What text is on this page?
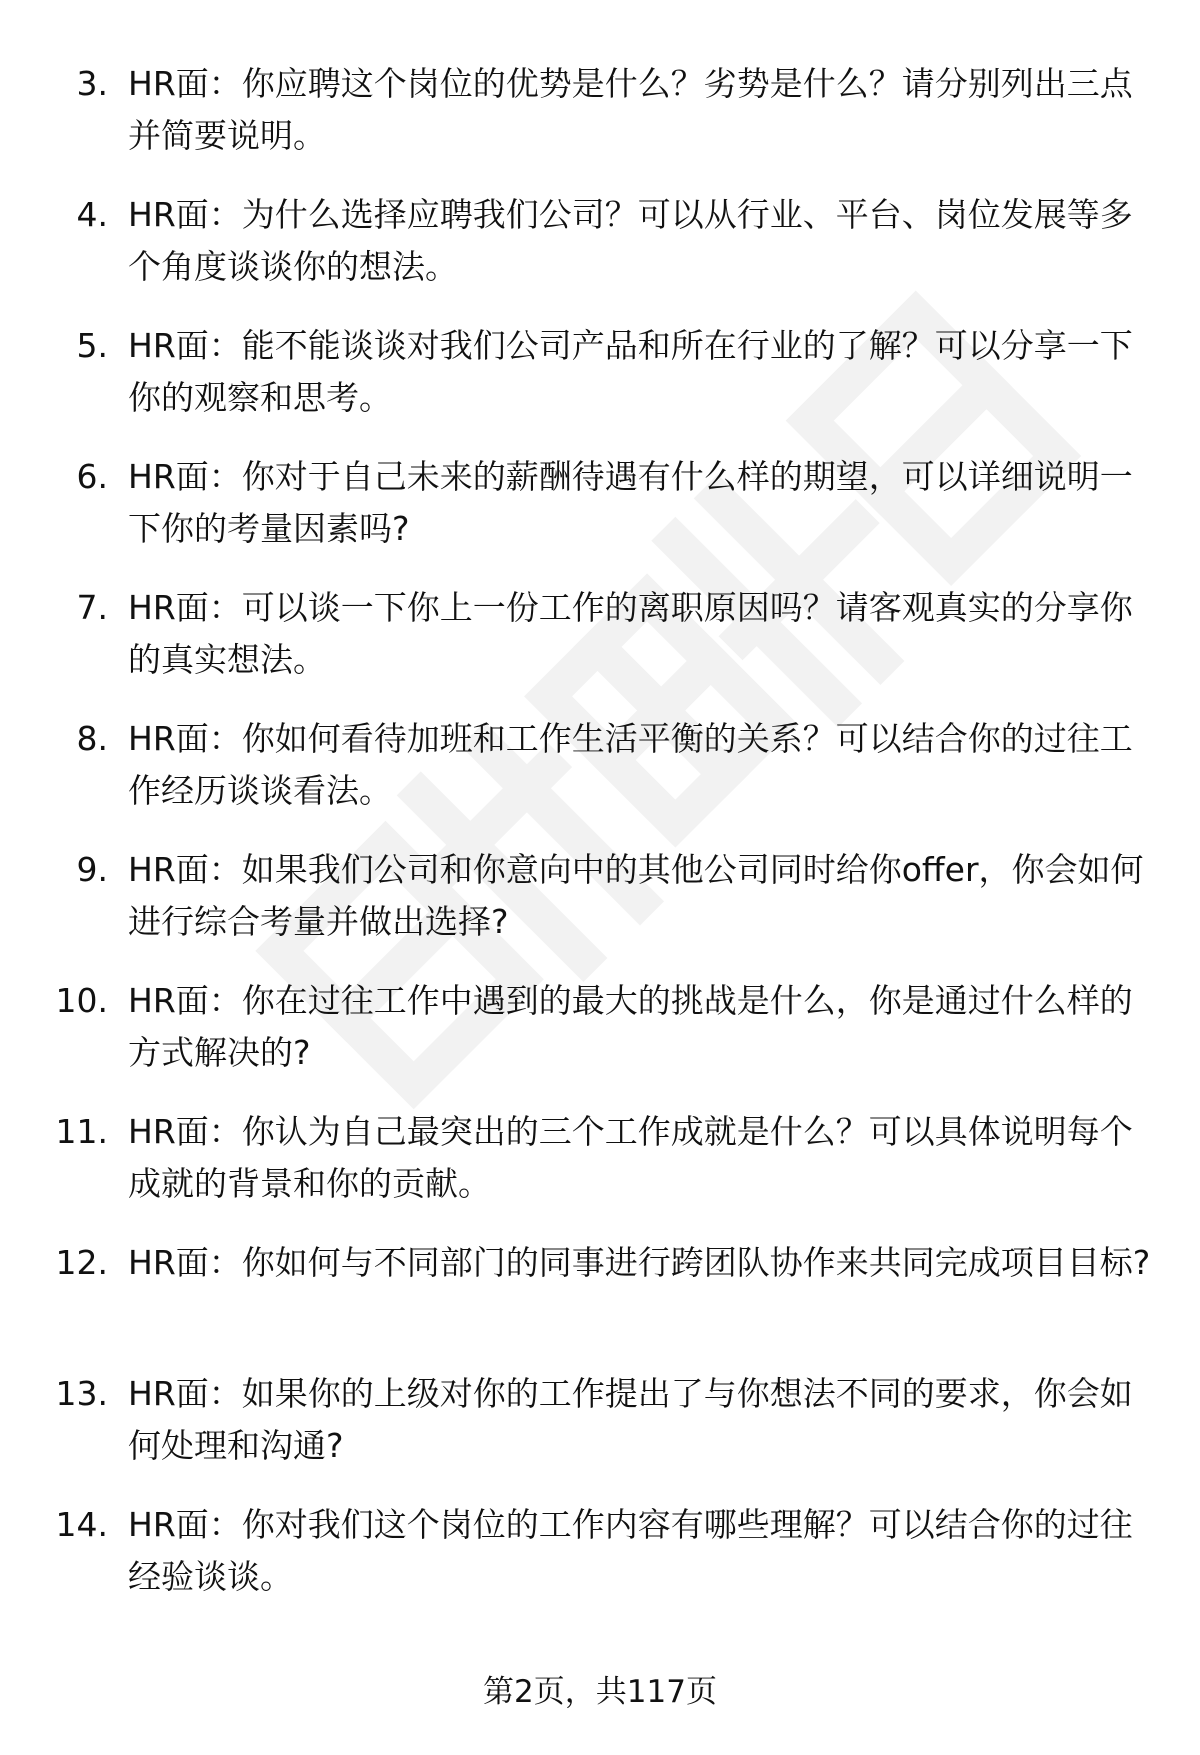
3. HR面：你应聘这个岗位的优势是什么？劣势是什么？请分别列出三点并简要说明。
4. HR面：为什么选择应聘我们公司？可以从行业、平台、岗位发展等多个角度谈谈你的想法。
5. HR面：能不能谈谈对我们公司产品和所在行业的了解？可以分享一下你的观察和思考。
6. HR面：你对于自己未来的薪酬待遇有什么样的期望，可以详细说明一下你的考量因素吗?
7. HR面：可以谈一下你上一份工作的离职原因吗？请客观真实的分享你的真实想法。
8. HR面：你如何看待加班和工作生活平衡的关系？可以结合你的过往工作经历谈谈看法。
9. HR面：如果我们公司和你意向中的其他公司同时给你offer，你会如何进行综合考量并做出选择?
10. HR面：你在过往工作中遇到的最大的挑战是什么，你是通过什么样的方式解决的?
11. HR面：你认为自己最突出的三个工作成就是什么？可以具体说明每个成就的背景和你的贡献。
12. HR面：你如何与不同部门的同事进行跨团队协作来共同完成项目目标?
13. HR面：如果你的上级对你的工作提出了与你想法不同的要求，你会如何处理和沟通?
14. HR面：你对我们这个岗位的工作内容有哪些理解？可以结合你的过往经验谈谈。
第2页，共117页
